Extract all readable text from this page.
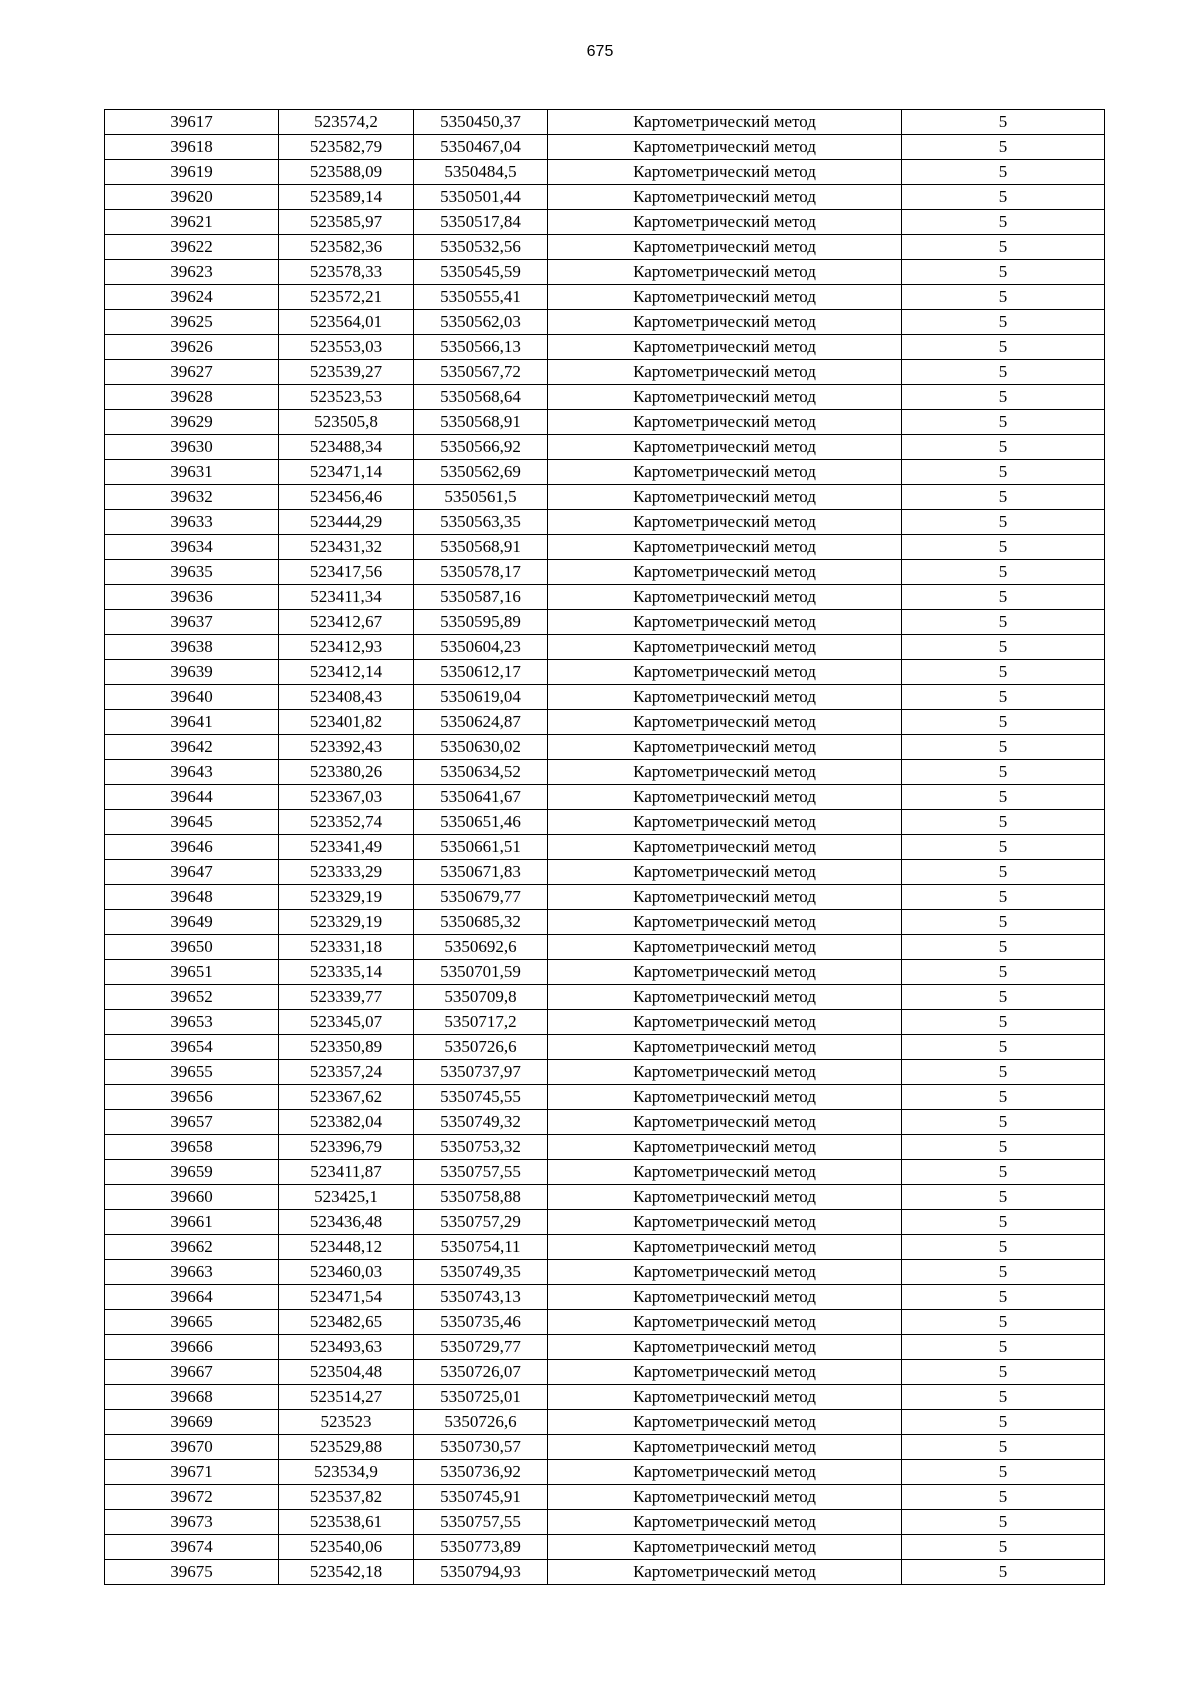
675
39617	523574,2	5350450,37	Картометрический метод	5
39618	523582,79	5350467,04	Картометрический метод	5
39619	523588,09	5350484,5	Картометрический метод	5
39620	523589,14	5350501,44	Картометрический метод	5
39621	523585,97	5350517,84	Картометрический метод	5
39622	523582,36	5350532,56	Картометрический метод	5
39623	523578,33	5350545,59	Картометрический метод	5
39624	523572,21	5350555,41	Картометрический метод	5
39625	523564,01	5350562,03	Картометрический метод	5
39626	523553,03	5350566,13	Картометрический метод	5
39627	523539,27	5350567,72	Картометрический метод	5
39628	523523,53	5350568,64	Картометрический метод	5
39629	523505,8	5350568,91	Картометрический метод	5
39630	523488,34	5350566,92	Картометрический метод	5
39631	523471,14	5350562,69	Картометрический метод	5
39632	523456,46	5350561,5	Картометрический метод	5
39633	523444,29	5350563,35	Картометрический метод	5
39634	523431,32	5350568,91	Картометрический метод	5
39635	523417,56	5350578,17	Картометрический метод	5
39636	523411,34	5350587,16	Картометрический метод	5
39637	523412,67	5350595,89	Картометрический метод	5
39638	523412,93	5350604,23	Картометрический метод	5
39639	523412,14	5350612,17	Картометрический метод	5
39640	523408,43	5350619,04	Картометрический метод	5
39641	523401,82	5350624,87	Картометрический метод	5
39642	523392,43	5350630,02	Картометрический метод	5
39643	523380,26	5350634,52	Картометрический метод	5
39644	523367,03	5350641,67	Картометрический метод	5
39645	523352,74	5350651,46	Картометрический метод	5
39646	523341,49	5350661,51	Картометрический метод	5
39647	523333,29	5350671,83	Картометрический метод	5
39648	523329,19	5350679,77	Картометрический метод	5
39649	523329,19	5350685,32	Картометрический метод	5
39650	523331,18	5350692,6	Картометрический метод	5
39651	523335,14	5350701,59	Картометрический метод	5
39652	523339,77	5350709,8	Картометрический метод	5
39653	523345,07	5350717,2	Картометрический метод	5
39654	523350,89	5350726,6	Картометрический метод	5
39655	523357,24	5350737,97	Картометрический метод	5
39656	523367,62	5350745,55	Картометрический метод	5
39657	523382,04	5350749,32	Картометрический метод	5
39658	523396,79	5350753,32	Картометрический метод	5
39659	523411,87	5350757,55	Картометрический метод	5
39660	523425,1	5350758,88	Картометрический метод	5
39661	523436,48	5350757,29	Картометрический метод	5
39662	523448,12	5350754,11	Картометрический метод	5
39663	523460,03	5350749,35	Картометрический метод	5
39664	523471,54	5350743,13	Картометрический метод	5
39665	523482,65	5350735,46	Картометрический метод	5
39666	523493,63	5350729,77	Картометрический метод	5
39667	523504,48	5350726,07	Картометрический метод	5
39668	523514,27	5350725,01	Картометрический метод	5
39669	523523	5350726,6	Картометрический метод	5
39670	523529,88	5350730,57	Картометрический метод	5
39671	523534,9	5350736,92	Картометрический метод	5
39672	523537,82	5350745,91	Картометрический метод	5
39673	523538,61	5350757,55	Картометрический метод	5
39674	523540,06	5350773,89	Картометрический метод	5
39675	523542,18	5350794,93	Картометрический метод	5
